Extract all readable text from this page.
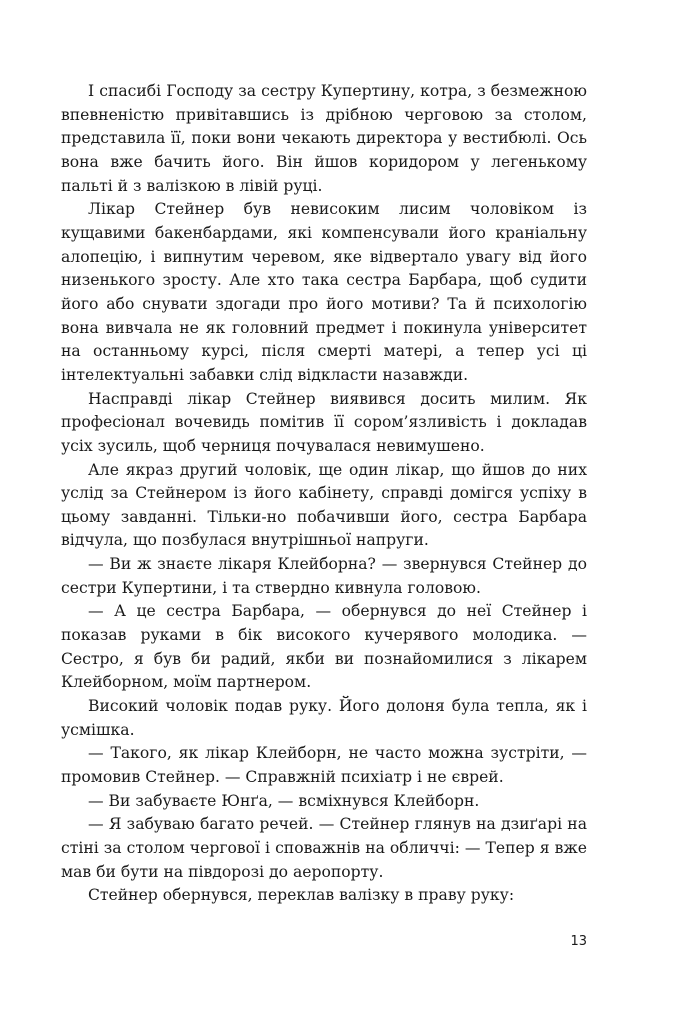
І спасибі Господу за сестру Купертину, котра, з безмежною впевненістю привітавшись із дрібною черговою за столом, представила її, поки вони чекають директора у вестибюлі. Ось вона вже бачить його. Він йшов коридором у легенькому пальті й з валізкою в лівій руці.

Лікар Стейнер був невисоким лисим чоловіком із кущавими бакенбардами, які компенсували його краніальну алопецію, і випнутим черевом, яке відвертало увагу від його низенького зросту. Але хто така сестра Барбара, щоб судити його або снувати здогади про його мотиви? Та й психологію вона вивчала не як головний предмет і покинула університет на останньому курсі, після смерті матері, а тепер усі ці інтелектуальні забавки слід відкласти назавжди.

Насправді лікар Стейнер виявився досить милим. Як професіонал вочевидь помітив її сором’язливість і докладав усіх зусиль, щоб черниця почувалася невимушено.

Але якраз другий чоловік, ще один лікар, що йшов до них услід за Стейнером із його кабінету, справді домігся успіху в цьому завданні. Тільки-но побачивши його, сестра Барбара відчула, що позбулася внутрішньої напруги.

— Ви ж знаєте лікаря Клейборна? — звернувся Стейнер до сестри Купертини, і та ствердно кивнула головою.

— А це сестра Барбара, — обернувся до неї Стейнер і показав руками в бік високого кучерявого молодика. — Сестро, я був би радий, якби ви познайомилися з лікарем Клейборном, моїм партнером.

Високий чоловік подав руку. Його долоня була тепла, як і усмішка.

— Такого, як лікар Клейборн, не часто можна зустріти, — промовив Стейнер. — Справжній психіатр і не єврей.

— Ви забуваєте Юнґа, — всміхнувся Клейборн.

— Я забуваю багато речей. — Стейнер глянув на дзиґарі на стіні за столом чергової і споважнів на обличчі: — Тепер я вже мав би бути на півдорозі до аеропорту.

Стейнер обернувся, переклав валізку в праву руку:

13
